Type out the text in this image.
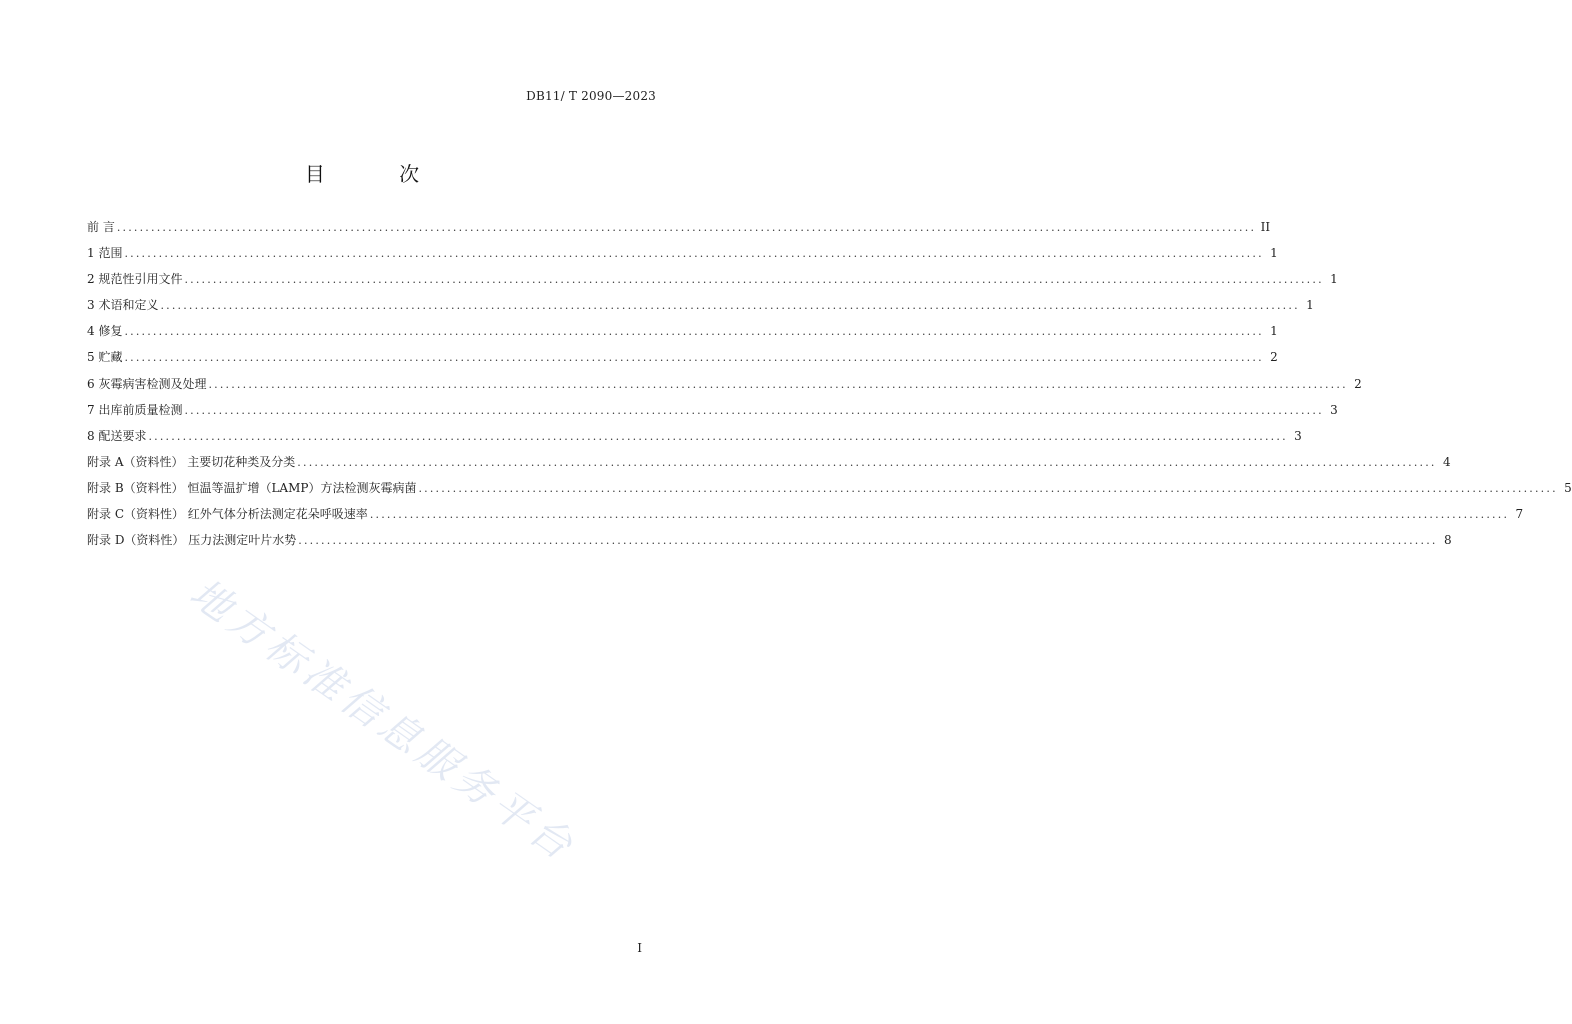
DB11/ T 2090—2023
目 次
前 言 ........................................................................................................................................................................................................ II
1 范围 ........................................................................................................................................................................................................ 1
2 规范性引用文件 ........................................................................................................................................................................................................ 1
3 术语和定义 ........................................................................................................................................................................................................ 1
4 修复 ........................................................................................................................................................................................................ 1
5 贮藏 ........................................................................................................................................................................................................ 2
6 灰霉病害检测及处理 ........................................................................................................................................................................................................ 2
7 出库前质量检测 ........................................................................................................................................................................................................ 3
8 配送要求 ........................................................................................................................................................................................................ 3
附录 A（资料性） 主要切花种类及分类 ........................................................................................................................................................................................................ 4
附录 B（资料性） 恒温等温扩增（LAMP）方法检测灰霉病菌 ........................................................................................................................................................................................................ 5
附录 C（资料性） 红外气体分析法测定花朵呼吸速率 ........................................................................................................................................................................................................ 7
附录 D（资料性） 压力法测定叶片水势 ........................................................................................................................................................................................................ 8
地方标准信息服务平台
I
